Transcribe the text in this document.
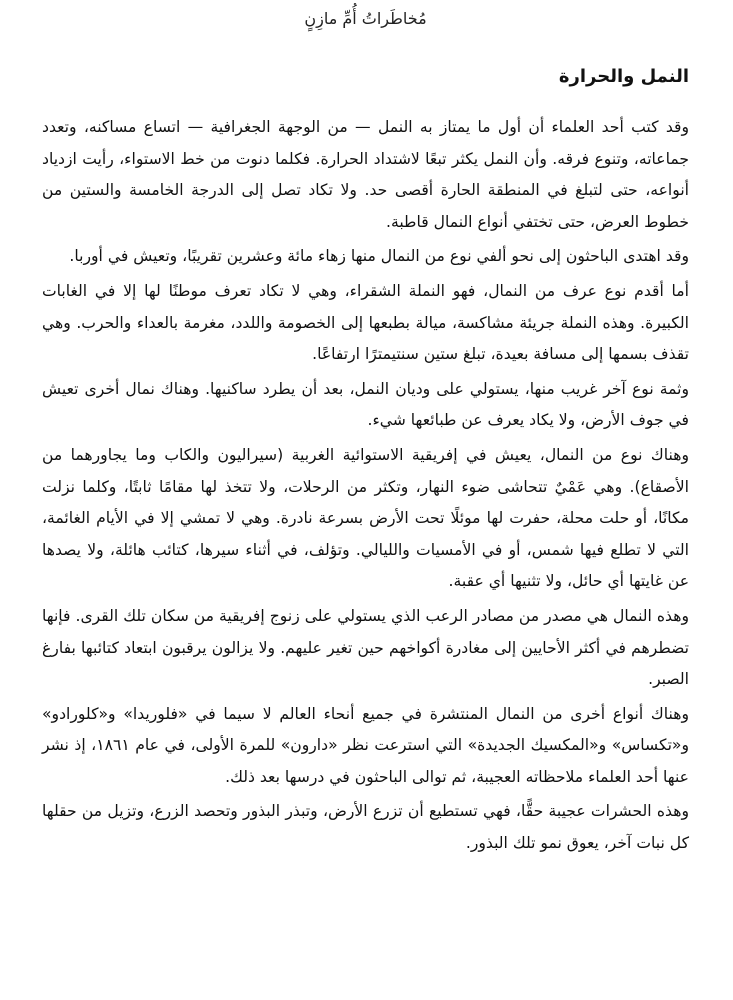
مُخاطَراتُ أُمِّ مازِنٍ
النمل والحرارة

وقد كتب أحد العلماء أن أول ما يمتاز به النمل — من الوجهة الجغرافية — اتساع مساكنه، وتعدد جماعاته، وتنوع فرقه. وأن النمل يكثر تبعًا لاشتداد الحرارة. فكلما دنوت من خط الاستواء، رأيت ازدياد أنواعه، حتى لتبلغ في المنطقة الحارة أقصى حد. ولا تكاد تصل إلى الدرجة الخامسة والستين من خطوط العرض، حتى تختفي أنواع النمال قاطبة.

وقد اهتدى الباحثون إلى نحو ألفي نوع من النمال منها زهاء مائة وعشرين تقريبًا، وتعيش في أوربا.

أما أقدم نوع عرف من النمال، فهو النملة الشقراء، وهي لا تكاد تعرف موطنًا لها إلا في الغابات الكبيرة. وهذه النملة جريئة مشاكسة، ميالة بطبعها إلى الخصومة واللدد، مغرمة بالعداء والحرب. وهي تقذف بسمها إلى مسافة بعيدة، تبلغ ستين سنتيمترًا ارتفاعًا.

وثمة نوع آخر غريب منها، يستولي على وديان النمل، بعد أن يطرد ساكنيها. وهناك نمال أخرى تعيش في جوف الأرض، ولا يكاد يعرف عن طبائعها شيء.

وهناك نوع من النمال، يعيش في إفريقية الاستوائية الغربية (سيراليون والكاب وما يجاورهما من الأصقاع). وهي عَمْيٌ تتحاشى ضوء النهار، وتكثر من الرحلات، ولا تتخذ لها مقامًا ثابتًا، وكلما نزلت مكانًا، أو حلت محلة، حفرت لها موئلًا تحت الأرض بسرعة نادرة. وهي لا تمشي إلا في الأيام الغائمة، التي لا تطلع فيها شمس، أو في الأمسيات والليالي. وتؤلف، في أثناء سيرها، كتائب هائلة، ولا يصدها عن غايتها أي حائل، ولا تثنيها أي عقبة.

وهذه النمال هي مصدر من مصادر الرعب الذي يستولي على زنوج إفريقية من سكان تلك القرى. فإنها تضطرهم في أكثر الأحايين إلى مغادرة أكواخهم حين تغير عليهم. ولا يزالون يرقبون ابتعاد كتائبها بفارغ الصبر.

وهناك أنواع أخرى من النمال المنتشرة في جميع أنحاء العالم لا سيما في «فلوريدا» و«كلورادو» و«تكساس» و«المكسيك الجديدة» التي استرعت نظر «دارون» للمرة الأولى، في عام ١٨٦١، إذ نشر عنها أحد العلماء ملاحظاته العجيبة، ثم توالى الباحثون في درسها بعد ذلك.

وهذه الحشرات عجيبة حقًّا، فهي تستطيع أن تزرع الأرض، وتبذر البذور وتحصد الزرع، وتزيل من حقلها كل نبات آخر، يعوق نمو تلك البذور.
